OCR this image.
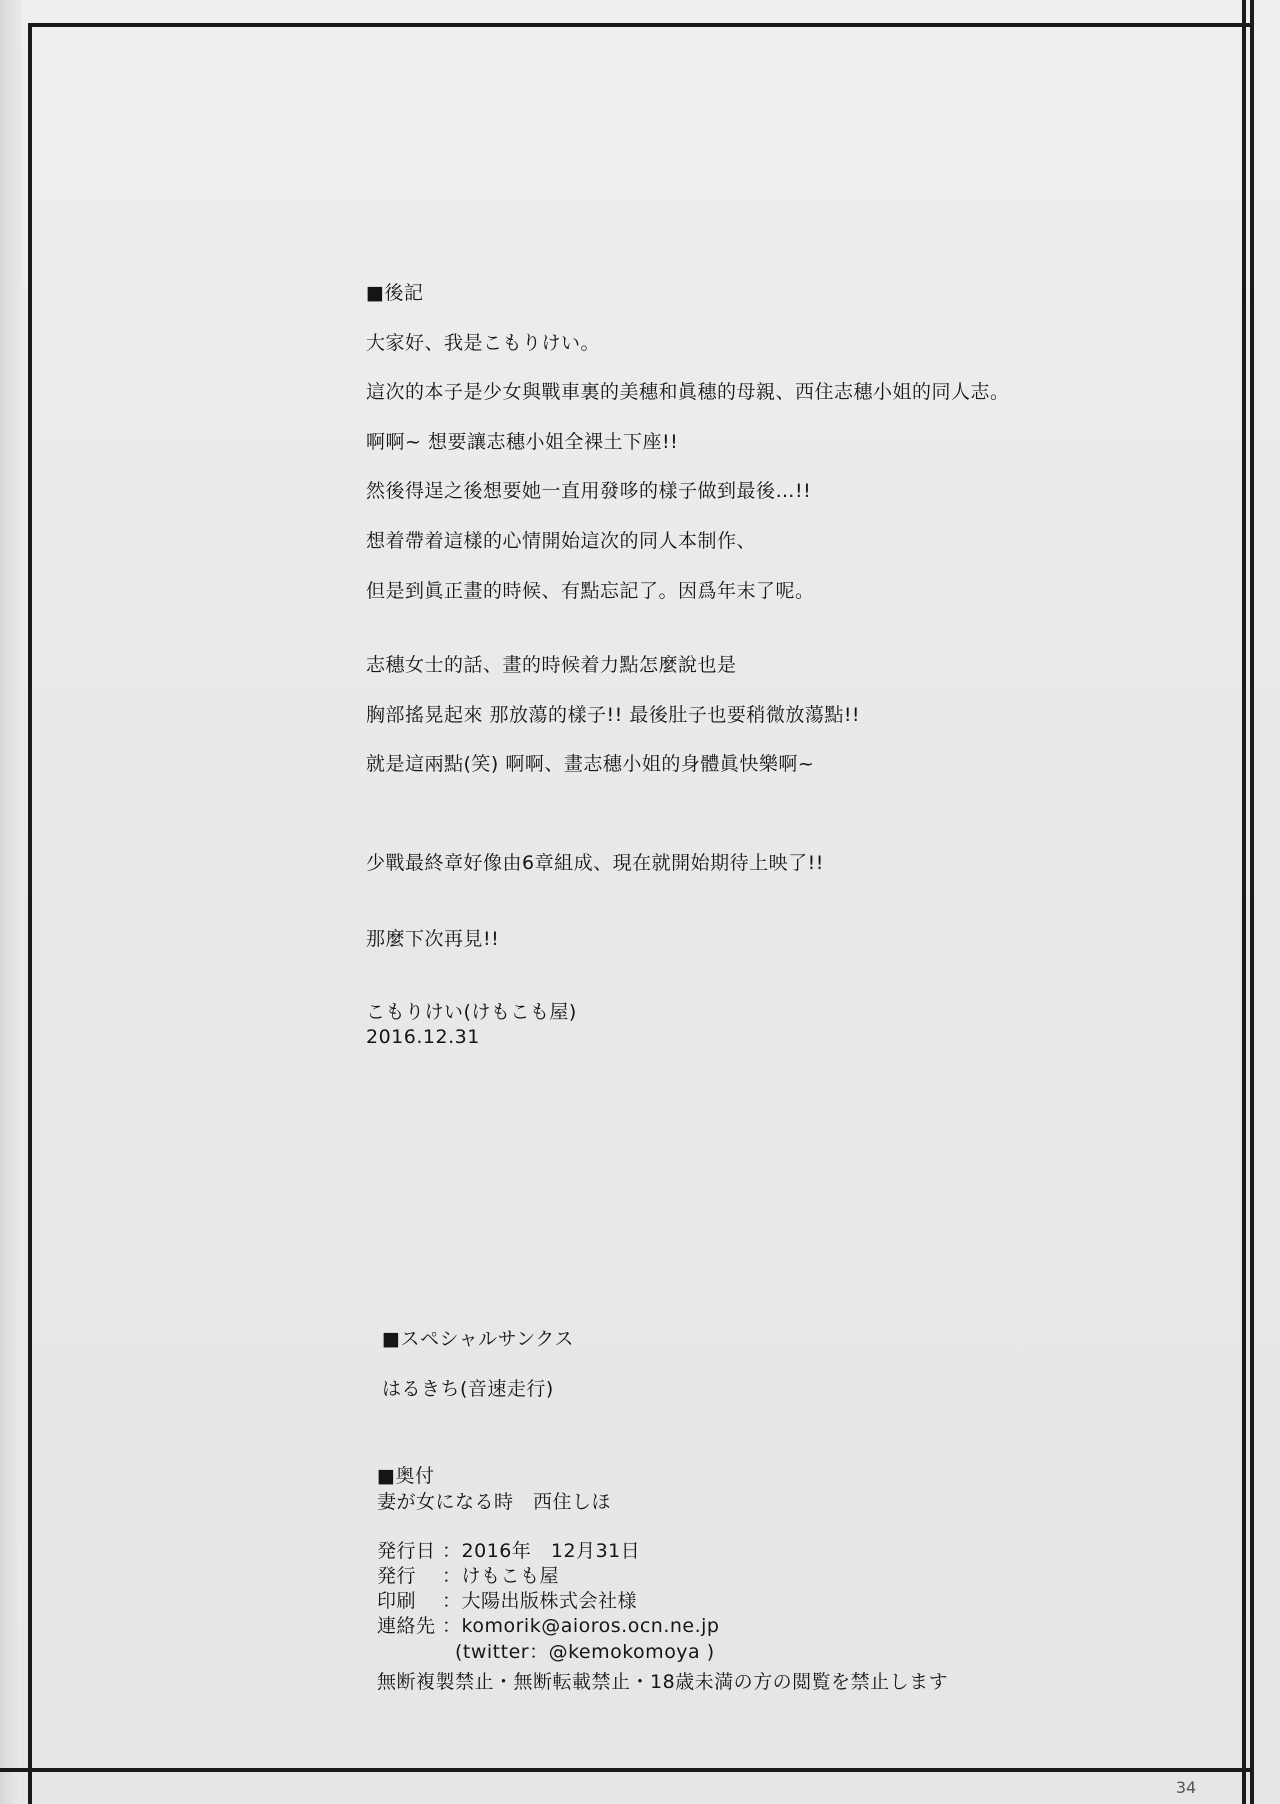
■後記
大家好、我是こもりけい。
這次的本子是少女與戰車裏的美穗和眞穗的母親、西住志穗小姐的同人志。
啊啊~ 想要讓志穗小姐全裸土下座!!
然後得逞之後想要她一直用發哆的樣子做到最後…!!
想着帶着這樣的心情開始這次的同人本制作、
但是到眞正畫的時候、有點忘記了。因爲年末了呢。
志穗女士的話、畫的時候着力點怎麼說也是
胸部搖晃起來 那放蕩的樣子!! 最後肚子也要稍微放蕩點!!
就是這兩點(笑) 啊啊、畫志穗小姐的身體眞快樂啊~
少戰最終章好像由6章組成、現在就開始期待上映了!!
那麼下次再見!!
こもりけい(けもこも屋)
2016.12.31
■スペシャルサンクス
はるきち(音速走行)
■奥付
妻が女になる時　西住しほ
発行日 ：2016年　12月31日
発行　 ：けもこも屋
印刷　 ：大陽出版株式会社様
連絡先 ：komorik@aioros.ocn.ne.jp
　　　　(twitter：@kemokomoya )
無断複製禁止・無断転載禁止・18歳未満の方の閲覧を禁止します
34
